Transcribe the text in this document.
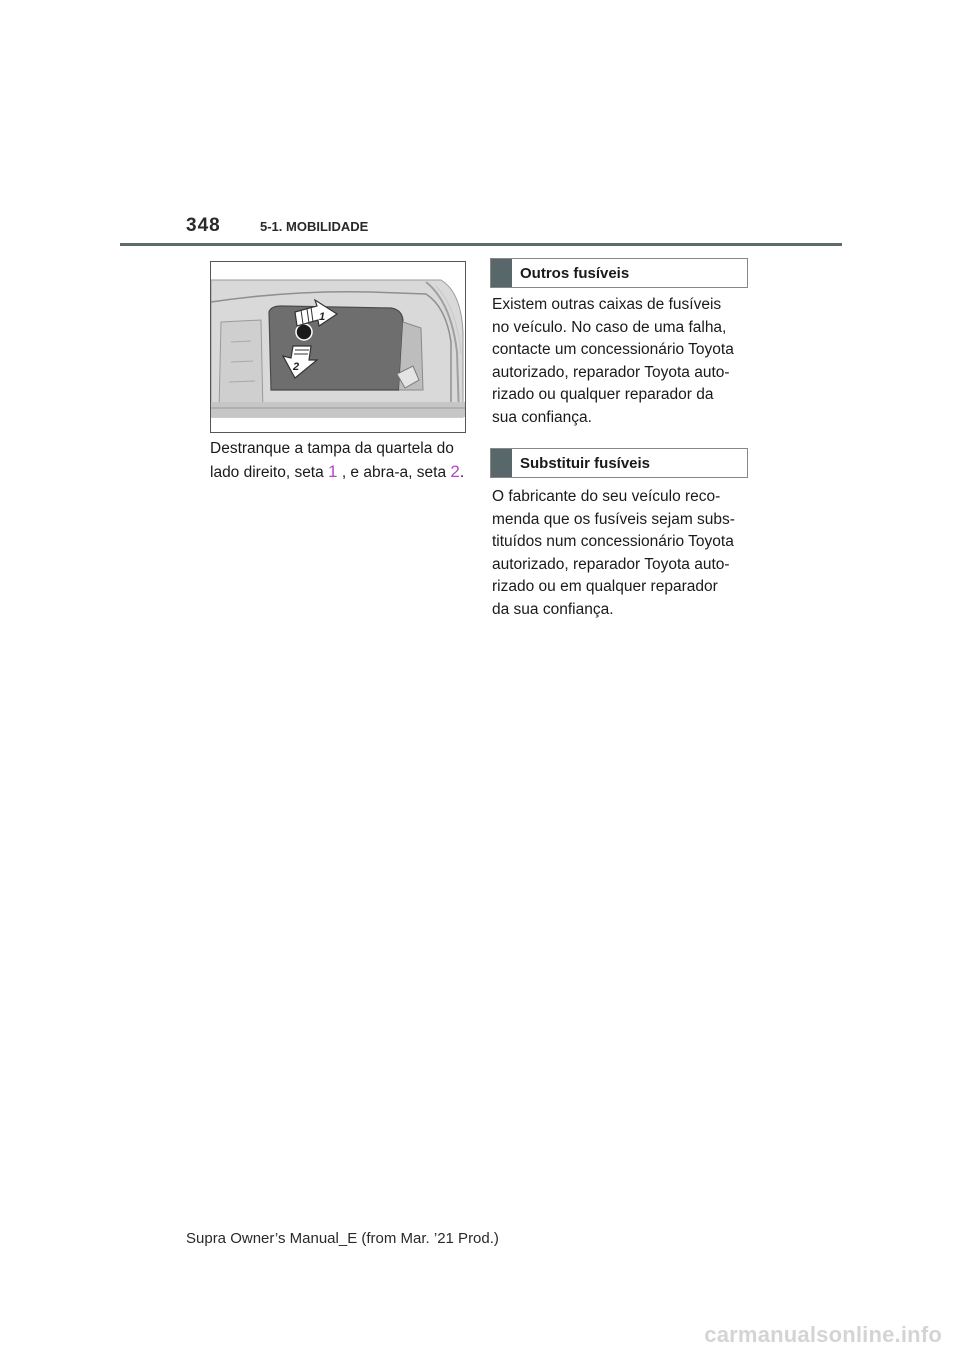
348	5-1. MOBILIDADE
1
2
Destranque a tampa da quartela do
lado direito, seta 1 , e abra-a, seta 2.
Outros fusíveis
Existem outras caixas de fusíveis
no veículo. No caso de uma falha,
contacte um concessionário Toyota
autorizado, reparador Toyota auto-
rizado ou qualquer reparador da
sua confiança.
Substituir fusíveis
O fabricante do seu veículo reco-
menda que os fusíveis sejam subs-
tituídos num concessionário Toyota
autorizado, reparador Toyota auto-
rizado ou em qualquer reparador
da sua confiança.
Supra Owner’s Manual_E (from Mar. ’21 Prod.)
carmanualsonline.info
